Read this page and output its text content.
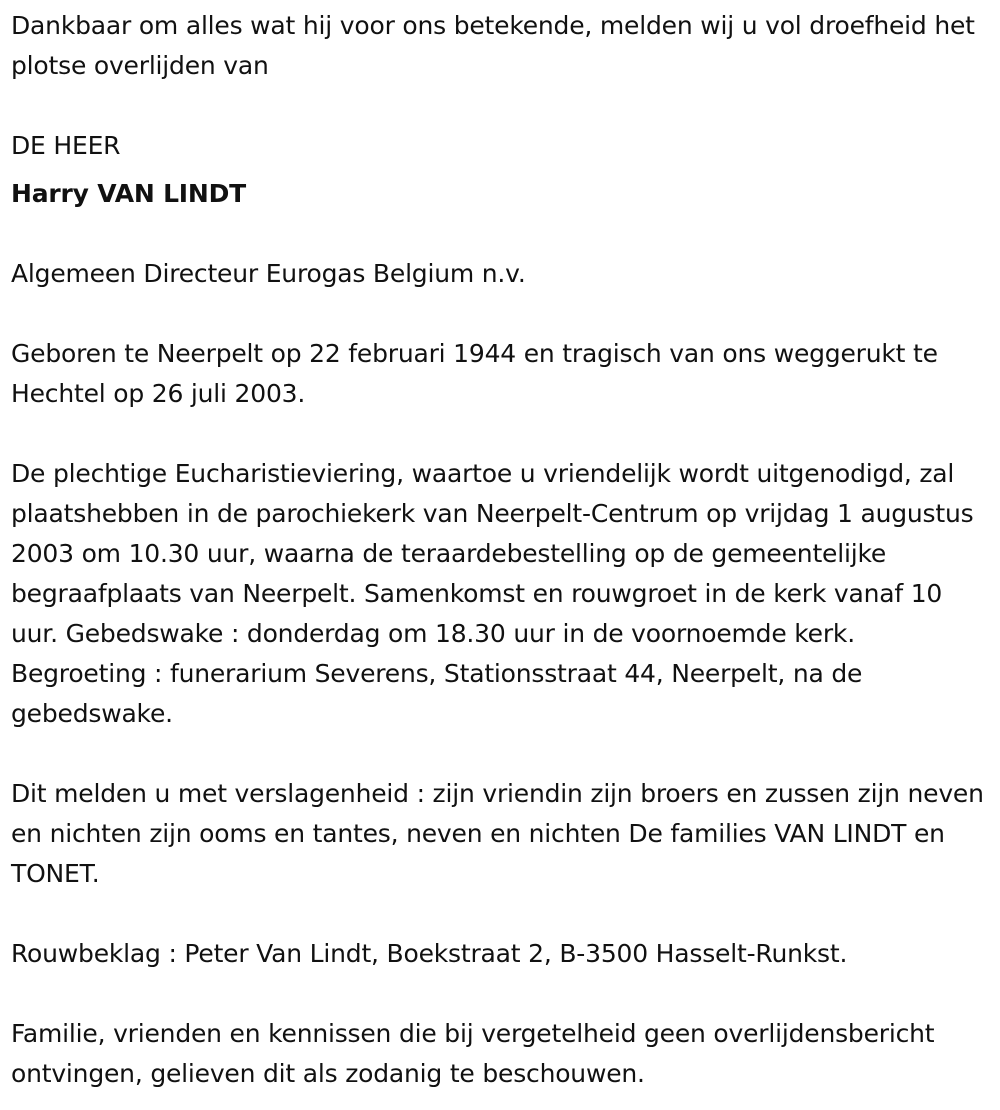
Dankbaar om alles wat hij voor ons betekende, melden wij u vol droefheid het plotse overlijden van

DE HEER

Harry VAN LINDT

Algemeen Directeur Eurogas Belgium n.v.

Geboren te Neerpelt op 22 februari 1944 en tragisch van ons weggerukt te Hechtel op 26 juli 2003.

De plechtige Eucharistieviering, waartoe u vriendelijk wordt uitgenodigd, zal plaatshebben in de parochiekerk van Neerpelt-Centrum op vrijdag 1 augustus 2003 om 10.30 uur, waarna de teraardebestelling op de gemeentelijke begraafplaats van Neerpelt. Samenkomst en rouwgroet in de kerk vanaf 10 uur. Gebedswake : donderdag om 18.30 uur in de voornoemde kerk. Begroeting : funerarium Severens, Stationsstraat 44, Neerpelt, na de gebedswake.

Dit melden u met verslagenheid : zijn vriendin zijn broers en zussen zijn neven en nichten zijn ooms en tantes, neven en nichten De families VAN LINDT en TONET.

Rouwbeklag : Peter Van Lindt, Boekstraat 2, B-3500 Hasselt-Runkst.

Familie, vrienden en kennissen die bij vergetelheid geen overlijdensbericht ontvingen, gelieven dit als zodanig te beschouwen.
